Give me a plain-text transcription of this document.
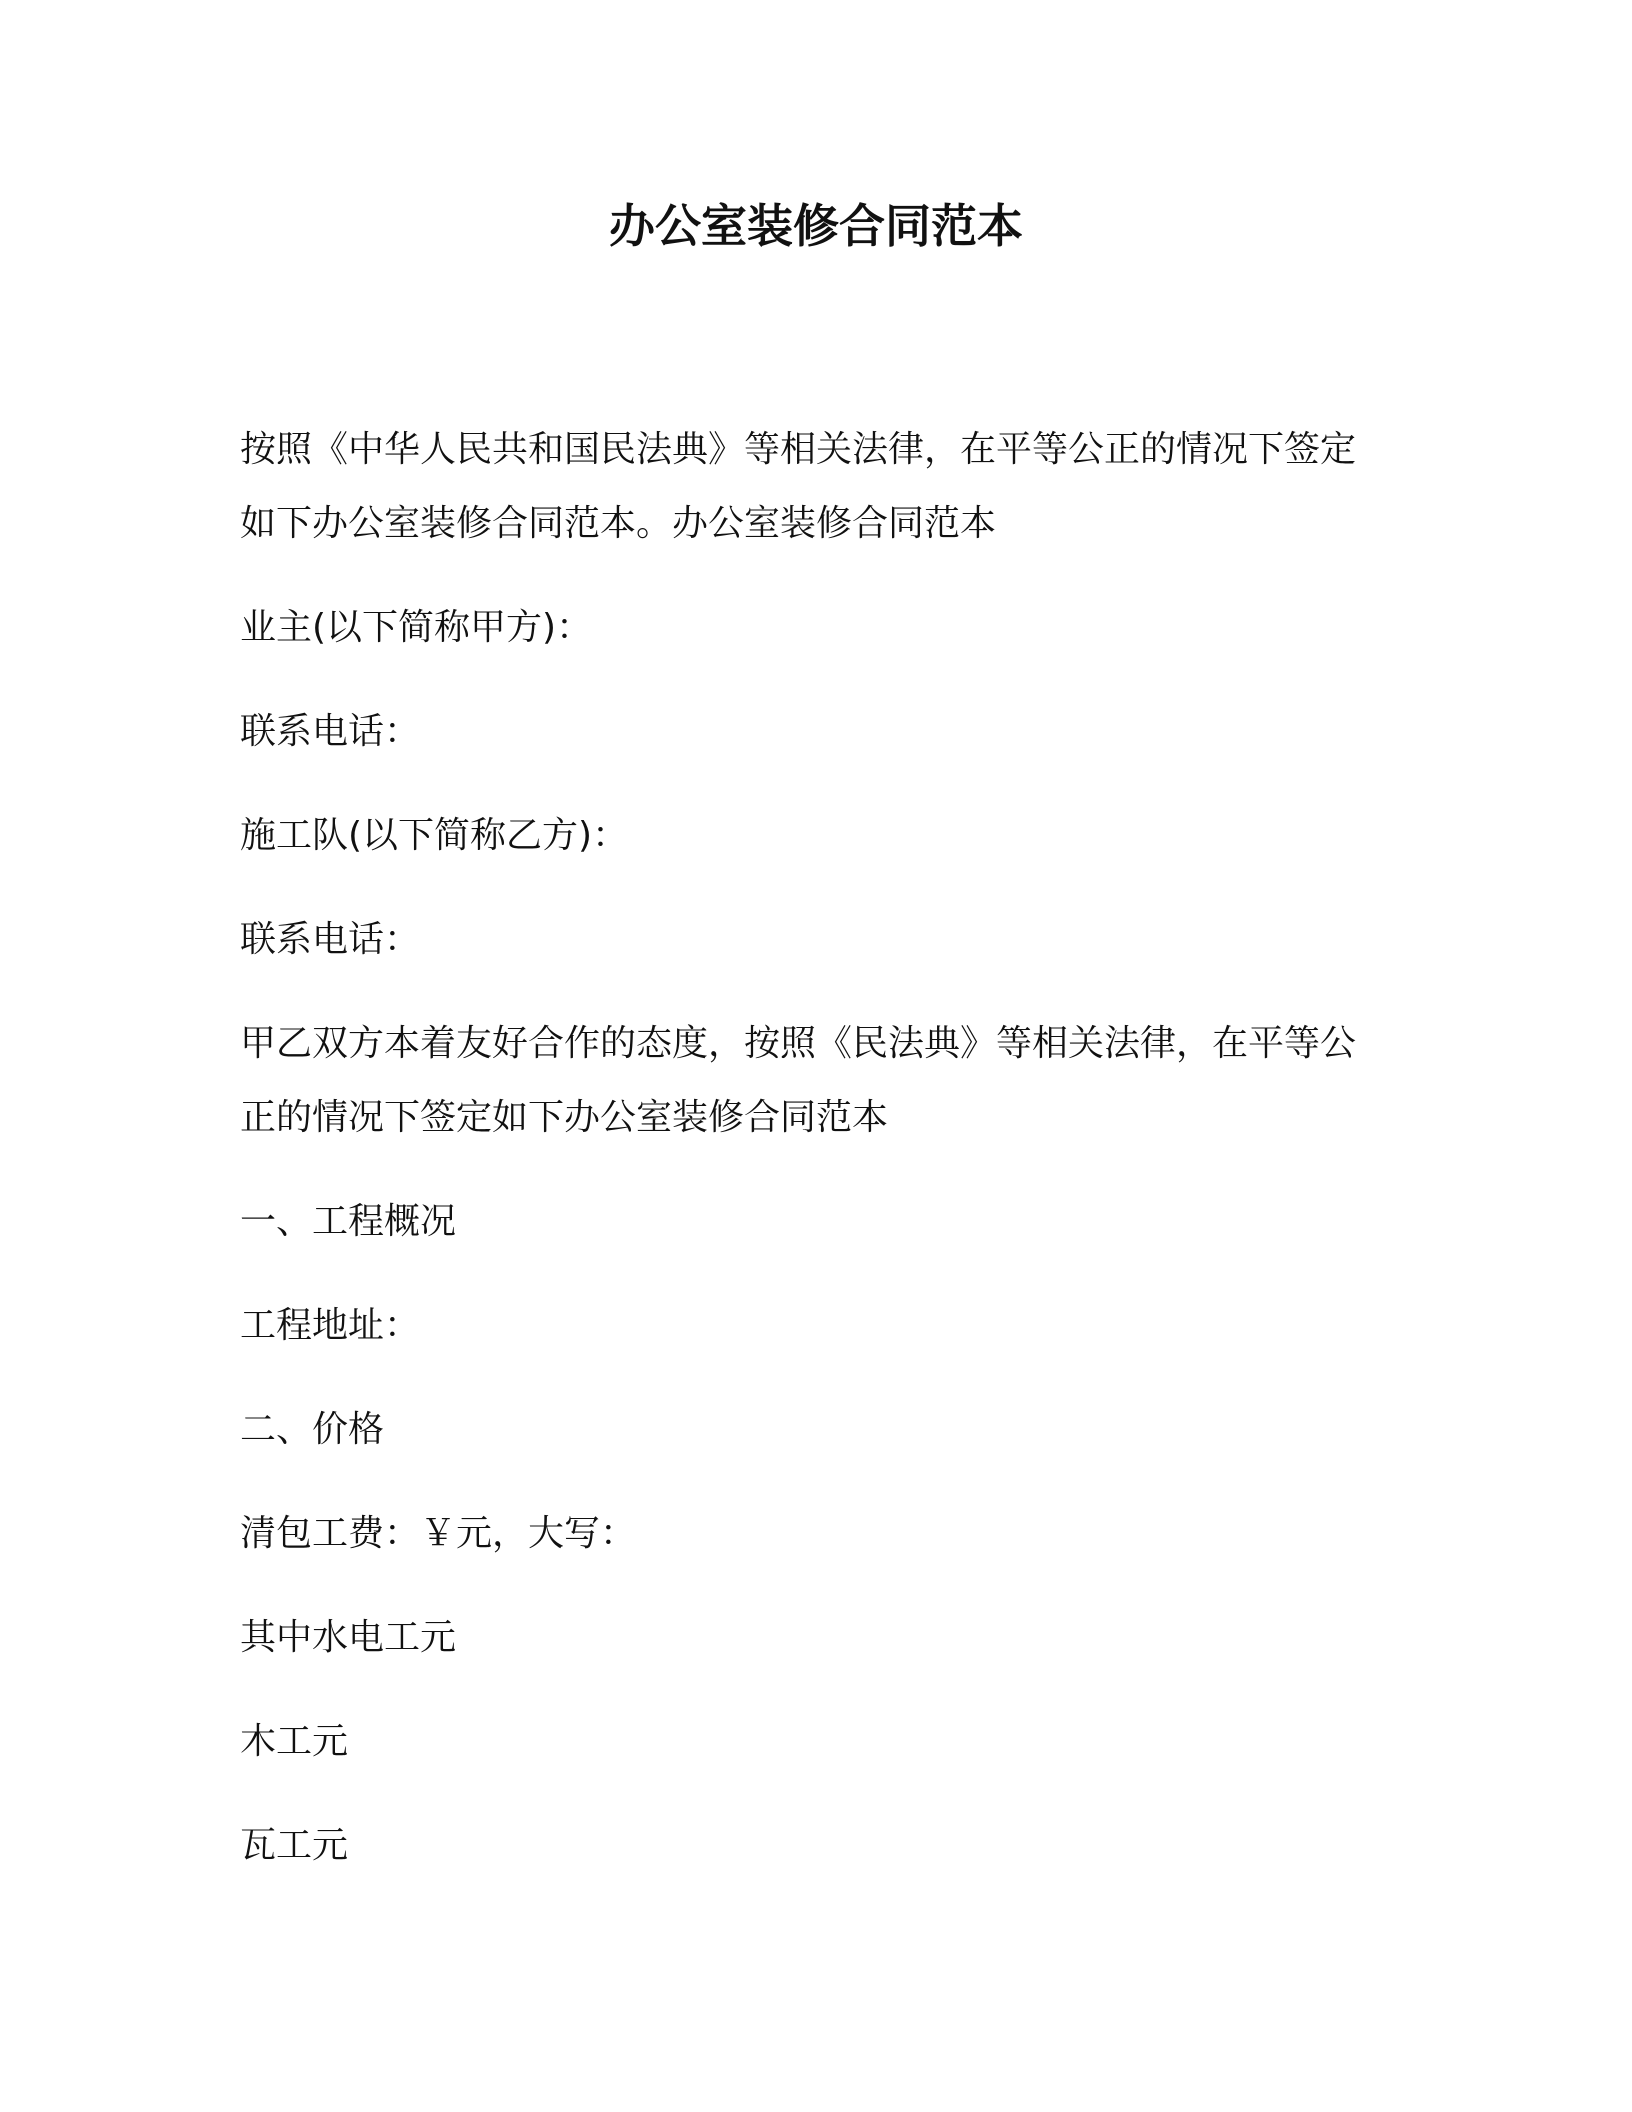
办公室装修合同范本

按照《中华人民共和国民法典》等相关法律，在平等公正的情况下签定如下办公室装修合同范本。办公室装修合同范本

业主(以下简称甲方)：

联系电话：

施工队(以下简称乙方)：

联系电话：

甲乙双方本着友好合作的态度，按照《民法典》等相关法律，在平等公正的情况下签定如下办公室装修合同范本

一、工程概况

工程地址：

二、价格

清包工费：￥元，大写：

其中水电工元

木工元

瓦工元
